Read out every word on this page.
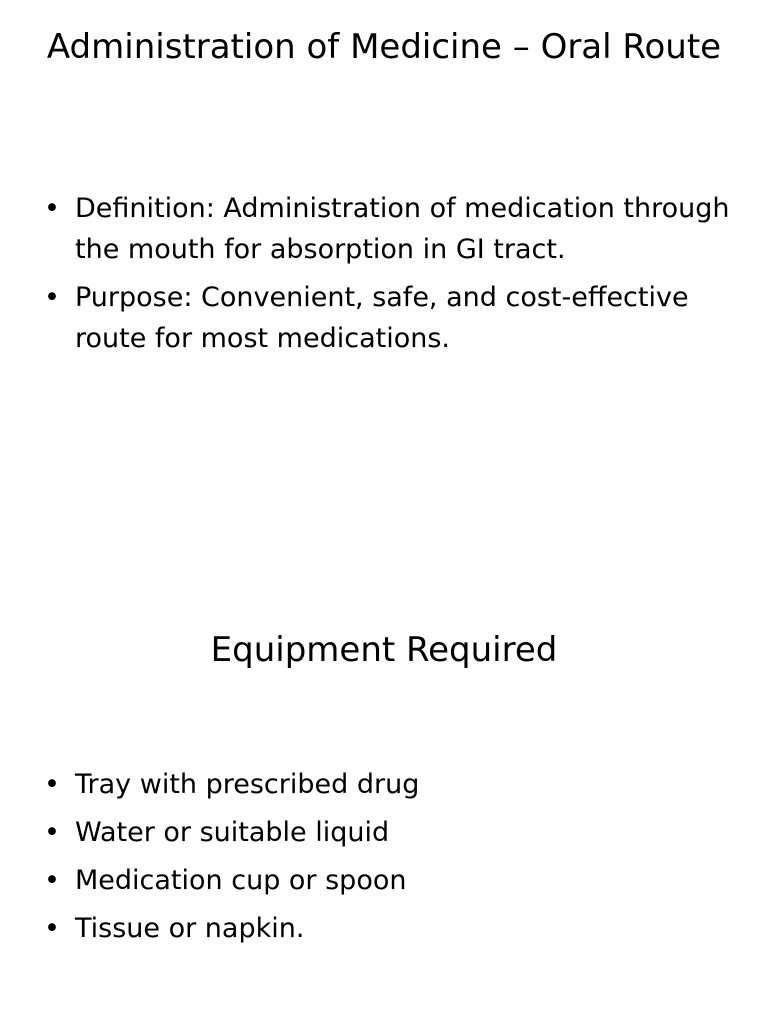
Administration of Medicine – Oral Route
• Definition: Administration of medication through the mouth for absorption in GI tract.
• Purpose: Convenient, safe, and cost-effective route for most medications.
Equipment Required
• Tray with prescribed drug
• Water or suitable liquid
• Medication cup or spoon
• Tissue or napkin.
